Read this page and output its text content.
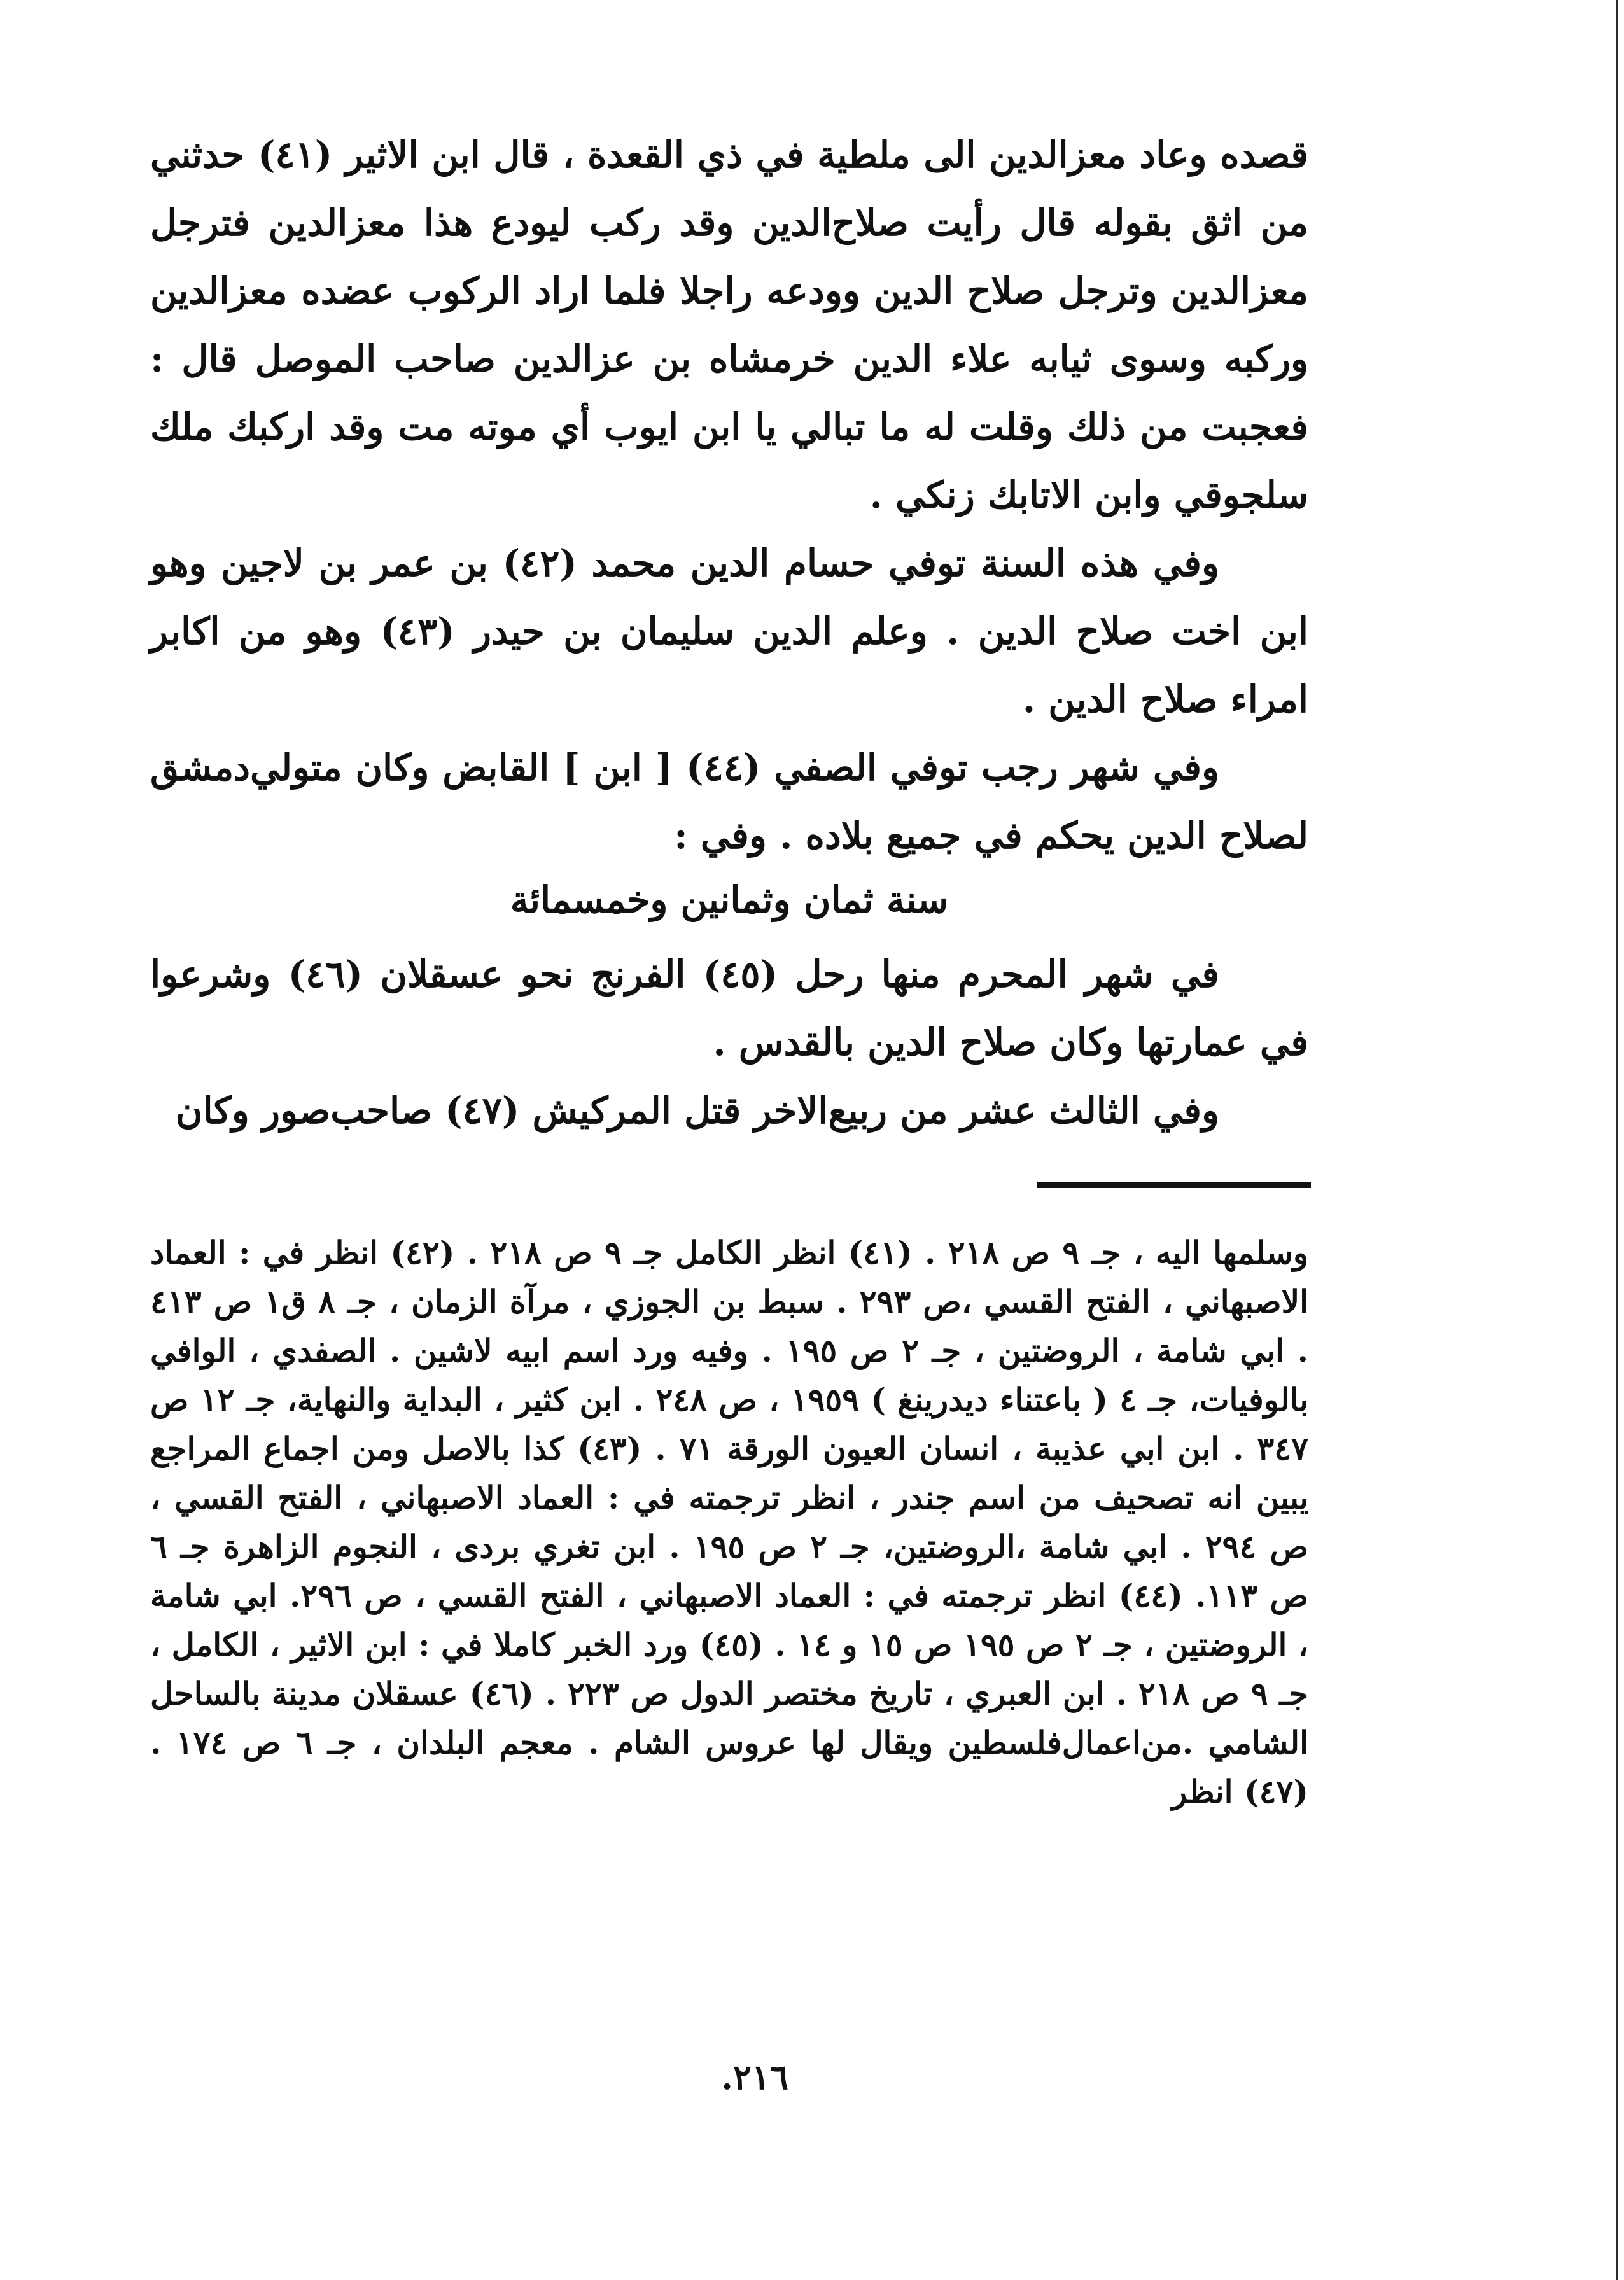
قصده وعاد معزالدين الى ملطية في ذي القعدة ، قال ابن الاثير (٤١) حدثني من اثق بقوله قال رأيت صلاح‌الدين وقد ركب ليودع هذا معزالدين فترجل معزالدين وترجل صلاح الدين وودعه راجلا فلما اراد الركوب عضده معزالدين وركبه وسوى ثيابه علاء الدين خرمشاه بن عزالدين صاحب الموصل قال : فعجبت من ذلك وقلت له ما تبالي يا ابن ايوب أي موته مت وقد اركبك ملك سلجوقي وابن الاتابك زنكي .

وفي هذه السنة توفي حسام الدين محمد (٤٢) بن عمر بن لاجين وهو ابن اخت صلاح الدين . وعلم الدين سليمان بن حيدر (٤٣) وهو من اكابر امراء صلاح الدين .

وفي شهر رجب توفي الصفي (٤٤) [ ابن ] القابض وكان متولي‌دمشق لصلاح الدين يحكم في جميع بلاده . وفي :

سنة ثمان وثمانين وخمسمائة

في شهر المحرم منها رحل (٤٥) الفرنج نحو عسقلان (٤٦) وشرعوا في عمارتها وكان صلاح الدين بالقدس .

وفي الثالث عشر من ربيع‌الاخر قتل المركيش (٤٧) صاحب‌صور وكان

وسلمها اليه ، جـ ٩ ص ٢١٨ . (٤١) انظر الكامل جـ ٩ ص ٢١٨ . (٤٢) انظر في : العماد الاصبهاني ، الفتح القسي ،ص ٢٩٣ . سبط بن الجوزي ، مرآة الزمان ، جـ ٨ ق١ ص ٤١٣ . ابي شامة ، الروضتين ، جـ ٢ ص ١٩٥ . وفيه ورد اسم ابيه لاشين . الصفدي ، الوافي بالوفيات، جـ ٤ ( باعتناء ديدرينغ ) ١٩٥٩ ، ص ٢٤٨ . ابن كثير ، البداية والنهاية، جـ ١٢ ص ٣٤٧ . ابن ابي عذيبة ، انسان العيون الورقة ٧١ . (٤٣) كذا بالاصل ومن اجماع المراجع يبين انه تصحيف من اسم جندر ، انظر ترجمته في : العماد الاصبهاني ، الفتح القسي ، ص ٢٩٤ . ابي شامة ،الروضتين، جـ ٢ ص ١٩٥ . ابن تغري بردى ، النجوم الزاهرة جـ ٦ ص ١١٣. (٤٤) انظر ترجمته في : العماد الاصبهاني ، الفتح القسي ، ص ٢٩٦. ابي شامة ، الروضتين ، جـ ٢ ص ١٩٥ ص ١٥ و ١٤ . (٤٥) ورد الخبر كاملا في : ابن الاثير ، الكامل ، جـ ٩ ص ٢١٨ . ابن العبري ، تاريخ مختصر الدول ص ٢٢٣ . (٤٦) عسقلان مدينة بالساحل الشامي .من‌اعمال‌فلسطين ويقال لها عروس الشام . معجم البلدان ، جـ ٦ ص ١٧٤ . (٤٧) انظر

٢١٦.
